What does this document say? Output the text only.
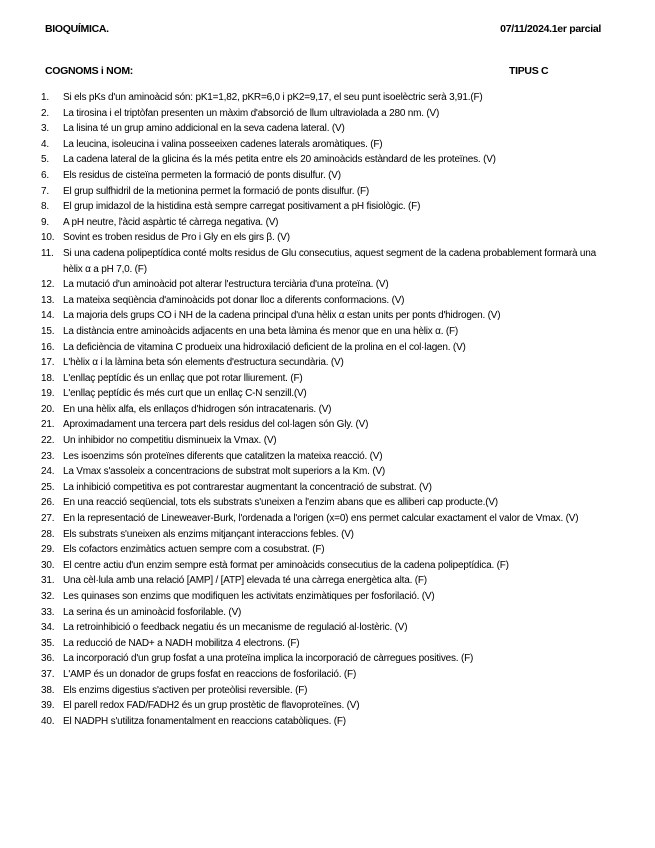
BIOQUÍMICA.	07/11/2024.1er parcial
COGNOMS i NOM:	TIPUS C
1.	Si els pKs d'un aminoàcid són: pK1=1,82, pKR=6,0 i pK2=9,17, el seu punt isoelèctric serà 3,91.(F)
2.	La tirosina i el triptòfan presenten un màxim d'absorció de llum ultraviolada a 280 nm. (V)
3.	La lisina té un grup amino addicional en la seva cadena lateral. (V)
4.	La leucina, isoleucina i valina posseeixen cadenes laterals aromàtiques. (F)
5.	La cadena lateral de la glicina és la més petita entre els 20 aminoàcids estàndard de les proteïnes. (V)
6.	Els residus de cisteïna permeten la formació de ponts disulfur. (V)
7.	El grup sulfhidril de la metionina permet la formació de ponts disulfur. (F)
8.	El grup imidazol de la histidina està sempre carregat positivament a pH fisiològic. (F)
9.	A pH neutre, l'àcid aspàrtic té càrrega negativa. (V)
10. Sovint es troben residus de Pro i Gly en els girs β. (V)
11. Si una cadena polipeptídica conté molts residus de Glu consecutius, aquest segment de la cadena probablement formarà una hèlix α a pH 7,0. (F)
12. La mutació d'un aminoàcid pot alterar l'estructura terciària d'una proteïna. (V)
13. La mateixa seqüència d'aminoàcids pot donar lloc a diferents conformacions. (V)
14. La majoria dels grups CO i NH de la cadena principal d'una hèlix α estan units per ponts d'hidrogen. (V)
15. La distància entre aminoàcids adjacents en una beta làmina és menor que en una hèlix α. (F)
16. La deficiència de vitamina C produeix una hidroxilació deficient de la prolina en el col·lagen. (V)
17. L'hèlix α i la làmina beta són elements d'estructura secundària. (V)
18. L'enllaç peptídic és un enllaç que pot rotar lliurement. (F)
19. L'enllaç peptídic és més curt que un enllaç C-N senzill.(V)
20. En una hèlix alfa, els enllaços d'hidrogen són intracatenaris. (V)
21. Aproximadament una tercera part dels residus del col·lagen són Gly. (V)
22. Un inhibidor no competitiu disminueix la Vmax. (V)
23. Les isoenzims són proteïnes diferents que catalitzen la mateixa reacció. (V)
24. La Vmax s'assoleix a concentracions de substrat molt superiors a la Km. (V)
25. La inhibició competitiva es pot contrarestar augmentant la concentració de substrat. (V)
26. En una reacció seqüencial, tots els substrats s'uneixen a l'enzim abans que es alliberi cap producte.(V)
27. En la representació de Lineweaver-Burk, l'ordenada a l'origen (x=0) ens permet calcular exactament el valor de Vmax. (V)
28. Els substrats s'uneixen als enzims mitjançant interaccions febles. (V)
29. Els cofactors enzimàtics actuen sempre com a cosubstrat. (F)
30. El centre actiu d'un enzim sempre està format per aminoàcids consecutius de la cadena polipeptídica. (F)
31. Una cèl·lula amb una relació [AMP] / [ATP] elevada té una càrrega energètica alta. (F)
32. Les quinases son enzims que modifiquen les activitats enzimàtiques per fosforilació. (V)
33. La serina és un aminoàcid fosforilable. (V)
34. La retroinhibició o feedback negatiu és un mecanisme de regulació al·lostèric. (V)
35. La reducció de NAD+ a NADH mobilitza 4 electrons. (F)
36. La incorporació d'un grup fosfat a una proteïna implica la incorporació de càrregues positives. (F)
37. L'AMP és un donador de grups fosfat en reaccions de fosforilació. (F)
38. Els enzims digestius s'activen per proteòlisi reversible. (F)
39. El parell redox FAD/FADH2 és un grup prostètic de flavoproteïnes. (V)
40. El NADPH s'utilitza fonamentalment en reaccions catabòliques. (F)
